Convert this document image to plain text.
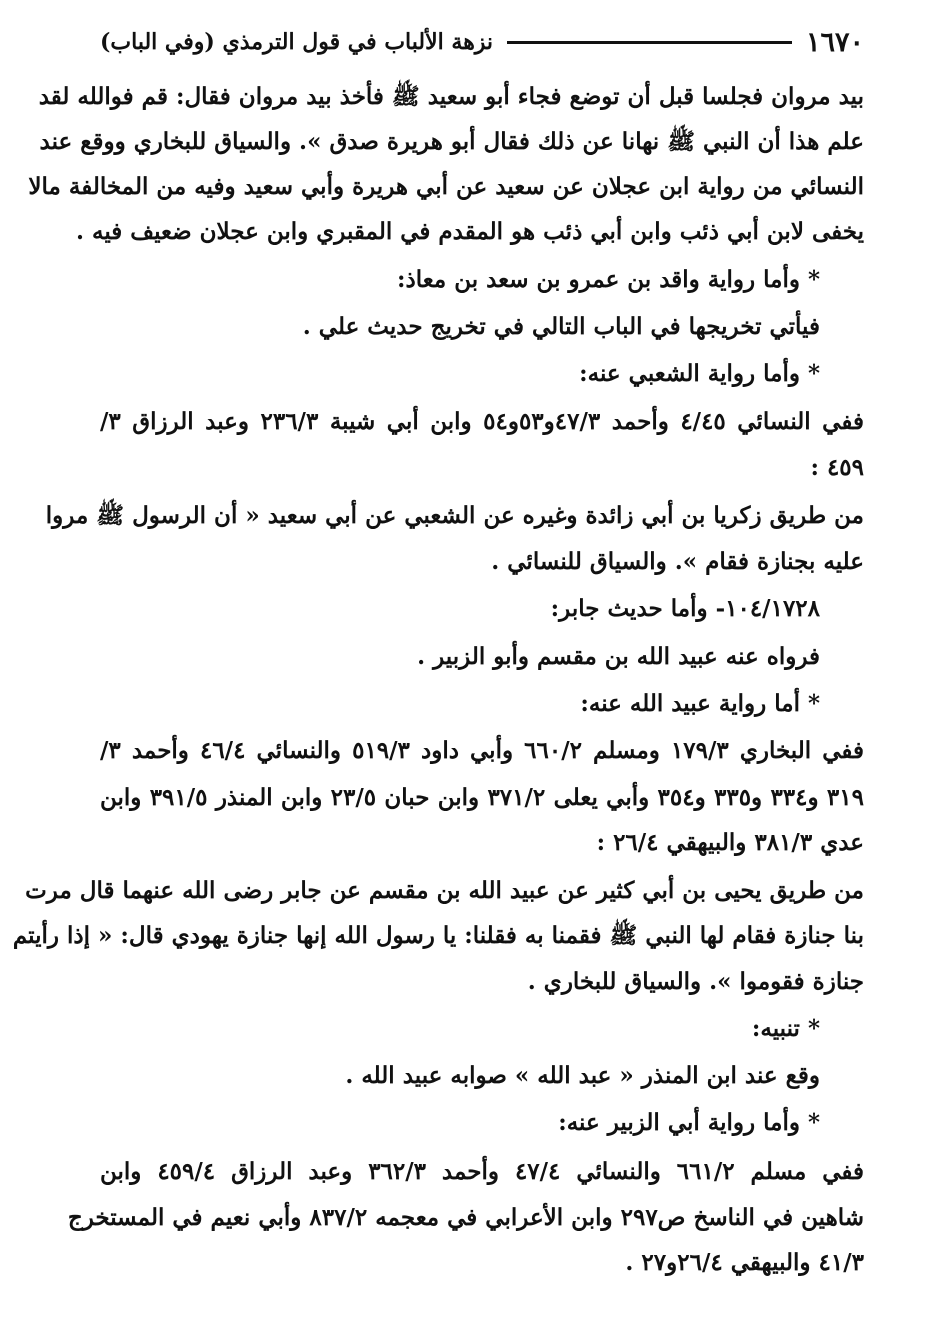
١٦٧٠
نزهة الألباب في قول الترمذي (وفي الباب)
بيد مروان فجلسا قبل أن توضع فجاء أبو سعيد ﷺ فأخذ بيد مروان فقال: قم فوالله لقد
علم هذا أن النبي ﷺ نهانا عن ذلك فقال أبو هريرة صدق ». والسياق للبخاري ووقع عند
النسائي من رواية ابن عجلان عن سعيد عن أبي هريرة وأبي سعيد وفيه من المخالفة مالا
يخفى لابن أبي ذئب وابن أبي ذئب هو المقدم في المقبري وابن عجلان ضعيف فيه .
* وأما رواية واقد بن عمرو بن سعد بن معاذ:
فيأتي تخريجها في الباب التالي في تخريج حديث علي .
* وأما رواية الشعبي عنه:
ففي النسائي ٤/٤٥ وأحمد ٤٧/٣و٥٣و٥٤ وابن أبي شيبة ٢٣٦/٣ وعبد الرزاق ٣/
٤٥٩ :
من طريق زكريا بن أبي زائدة وغيره عن الشعبي عن أبي سعيد « أن الرسول ﷺ مروا
عليه بجنازة فقام ». والسياق للنسائي .
١٠٤/١٧٢٨- وأما حديث جابر:
فرواه عنه عبيد الله بن مقسم وأبو الزبير .
* أما رواية عبيد الله عنه:
ففي البخاري ١٧٩/٣ ومسلم ٦٦٠/٢ وأبي داود ٥١٩/٣ والنسائي ٤٦/٤ وأحمد ٣/
٣١٩ و٣٣٤ و٣٣٥ و٣٥٤ وأبي يعلى ٣٧١/٢ وابن حبان ٢٣/٥ وابن المنذر ٣٩١/٥ وابن
عدي ٣٨١/٣ والبيهقي ٢٦/٤ :
من طريق يحيى بن أبي كثير عن عبيد الله بن مقسم عن جابر رضى الله عنهما قال مرت
بنا جنازة فقام لها النبي ﷺ فقمنا به فقلنا: يا رسول الله إنها جنازة يهودي قال: « إذا رأيتم
جنازة فقوموا ». والسياق للبخاري .
* تنبيه:
وقع عند ابن المنذر « عبد الله » صوابه عبيد الله .
* وأما رواية أبي الزبير عنه:
ففي مسلم ٦٦١/٢ والنسائي ٤٧/٤ وأحمد ٣٦٢/٣ وعبد الرزاق ٤٥٩/٤ وابن
شاهين في الناسخ ص٢٩٧ وابن الأعرابي في معجمه ٨٣٧/٢ وأبي نعيم في المستخرج
٤١/٣ والبيهقي ٢٦/٤و٢٧ .
